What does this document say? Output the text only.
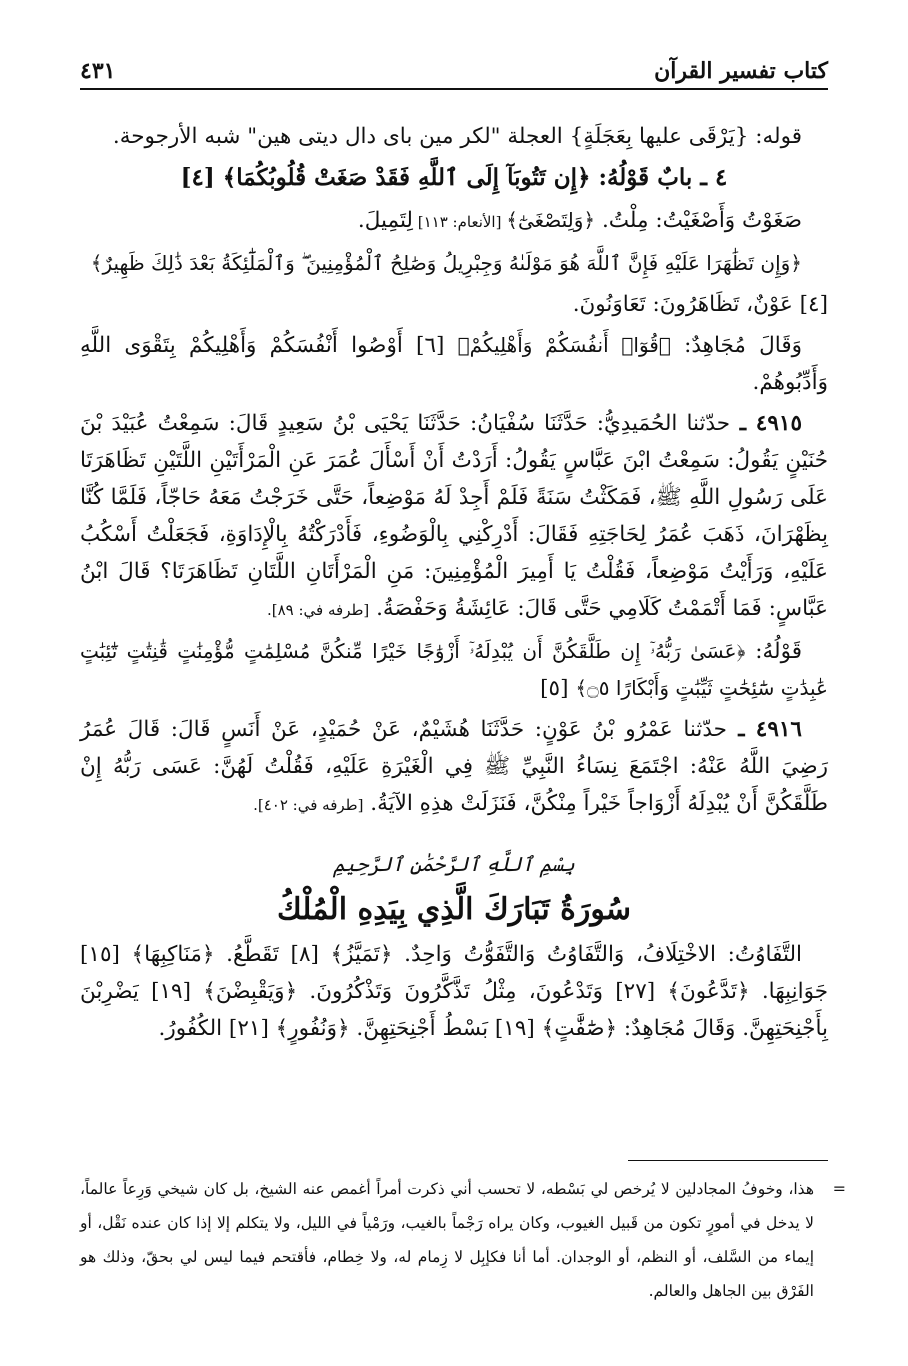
كتاب تفسير القرآن
٤٣١

قوله: {يَرْقَى عليها بِعَجَلَةٍ} العجلة "لكر مين باى دال ديتى هين" شبه الأرجوحة.

٤ ـ بابٌ قَوْلُهُ: ﴿إِن تَتُوبَآ إِلَى ٱللَّهِ فَقَدْ صَغَتْ قُلُوبُكُمَا﴾ [٤]

صَغَوْتُ وَأَصْغَيْتُ: مِلْتُ. ﴿وَلِتَصْغَىٰٓ﴾ [الأنعام: ١١٣] لِتَمِيلَ.

﴿وَإِن تَظَٰهَرَا عَلَيْهِ فَإِنَّ ٱللَّهَ هُوَ مَوْلَىٰهُ وَجِبْرِيلُ وَصَٰلِحُ ٱلْمُؤْمِنِينَ ۖ وَٱلْمَلَٰٓئِكَةُ بَعْدَ ذَٰلِكَ ظَهِيرٌ﴾

[٤] عَوْنٌ، تَظَاهَرُونَ: تَعَاوَنُونَ.

وَقَالَ مُجَاهِدٌ: ﴿قُوٓا۟ أَنفُسَكُمْ وَأَهْلِيكُمْ﴾ [٦] أَوْصُوا أَنْفُسَكُمْ وَأَهْلِيكُمْ بِتَقْوَى اللَّهِ وَأَدِّبُوهُمْ.

٤٩١٥ ـ حدّثنا الحُمَيدِيُّ: حَدَّثَنَا سُفْيَانُ: حَدَّثَنَا يَحْيَى بْنُ سَعِيدٍ قَالَ: سَمِعْتُ عُبَيْدَ بْنَ حُنَيْنٍ يَقُولُ: سَمِعْتُ ابْنَ عَبَّاسٍ يَقُولُ: أَرَدْتُ أَنْ أَسْأَلَ عُمَرَ عَنِ الْمَرْأَتَيْنِ اللَّتَيْنِ تَظَاهَرَتَا عَلَى رَسُولِ اللَّهِ ﷺ، فَمَكَثْتُ سَنَةً فَلَمْ أَجِدْ لَهُ مَوْضِعاً، حَتَّى خَرَجْتُ مَعَهُ حَاجّاً، فَلَمَّا كُنَّا بِظَهْرَانَ، ذَهَبَ عُمَرُ لِحَاجَتِهِ فَقَالَ: أَدْرِكْنِي بِالْوَضُوءِ، فَأَدْرَكْتُهُ بِالْإِدَاوَةِ، فَجَعَلْتُ أَسْكُبُ عَلَيْهِ، وَرَأَيْتُ مَوْضِعاً، فَقُلْتُ يَا أَمِيرَ الْمُؤْمِنِينَ: مَنِ الْمَرْأَتَانِ اللَّتَانِ تَظَاهَرَتَا؟ قَالَ ابْنُ عَبَّاسٍ: فَمَا أَتْمَمْتُ كَلَامِي حَتَّى قَالَ: عَائِشَةُ وَحَفْصَةُ. [طرفه في: ٨٩].

قَوْلُهُ: ﴿عَسَىٰ رَبُّهُۥٓ إِن طَلَّقَكُنَّ أَن يُبْدِلَهُۥٓ أَزْوَٰجًا خَيْرًا مِّنكُنَّ مُسْلِمَٰتٍ مُّؤْمِنَٰتٍ قَٰنِتَٰتٍ تَٰٓئِبَٰتٍ عَٰبِدَٰتٍ سَٰٓئِحَٰتٍ ثَيِّبَٰتٍ وَأَبْكَارًا ۝٥﴾ [٥]

٤٩١٦ ـ حدّثنا عَمْرُو بْنُ عَوْنٍ: حَدَّثَنَا هُشَيْمٌ، عَنْ حُمَيْدٍ، عَنْ أَنَسٍ قَالَ: قَالَ عُمَرُ رَضِيَ اللَّهُ عَنْهُ: اجْتَمَعَ نِسَاءُ النَّبِيِّ ﷺ فِي الْغَيْرَةِ عَلَيْهِ، فَقُلْتُ لَهُنَّ: عَسَى رَبُّهُ إِنْ طَلَّقَكُنَّ أَنْ يُبْدِلَهُ أَزْوَاجاً خَيْراً مِنْكُنَّ، فَنَزَلَتْ هذِهِ الآيَةُ. [طرفه في: ٤٠٢].

بِسْمِ ٱللَّهِ ٱلرَّحْمَٰنِ ٱلرَّحِيمِ

سُورَةُ تَبَارَكَ الَّذِي بِيَدِهِ الْمُلْكُ

التَّفَاوُتُ: الاخْتِلَافُ، وَالتَّفَاوُتُ وَالتَّفَوُّتُ وَاحِدٌ. ﴿تَمَيَّزُ﴾ [٨] تَقَطَّعُ. ﴿مَنَاكِبِهَا﴾ [١٥] جَوَانِبِهَا. ﴿تَدَّعُونَ﴾ [٢٧] وَتَدْعُونَ، مِثْلُ تَذَّكَّرُونَ وَتَذْكُرُونَ. ﴿وَيَقْبِضْنَ﴾ [١٩] يَضْرِبْنَ بِأَجْنِحَتِهِنَّ. وَقَالَ مُجَاهِدٌ: ﴿صَٰٓفَّٰتٍ﴾ [١٩] بَسْطُ أَجْنِحَتِهِنَّ. ﴿وَنُفُورٍ﴾ [٢١] الكُفُورُ.

=

هذا، وخوفُ المجادلين لا يُرخص لي بَسْطه، لا تحسب أني ذكرت أمراً أغمص عنه الشيخ، بل كان شيخي وَرِعاً عالماً، لا يدخل في أمورٍ تكون من قَبيل الغيوب، وكان يراه رَجْماً بالغيب، ورَمْياً في الليل، ولا يتكلم إلا إذا كان عنده نَقْل، أو إيماء من السَّلف، أو النظم، أو الوجدان. أما أنا فكإبِل لا زِمام له، ولا خِطام، فأقتحم فيما ليس لي بحقّ، وذلك هو الفَرْق بين الجاهل والعالم.
